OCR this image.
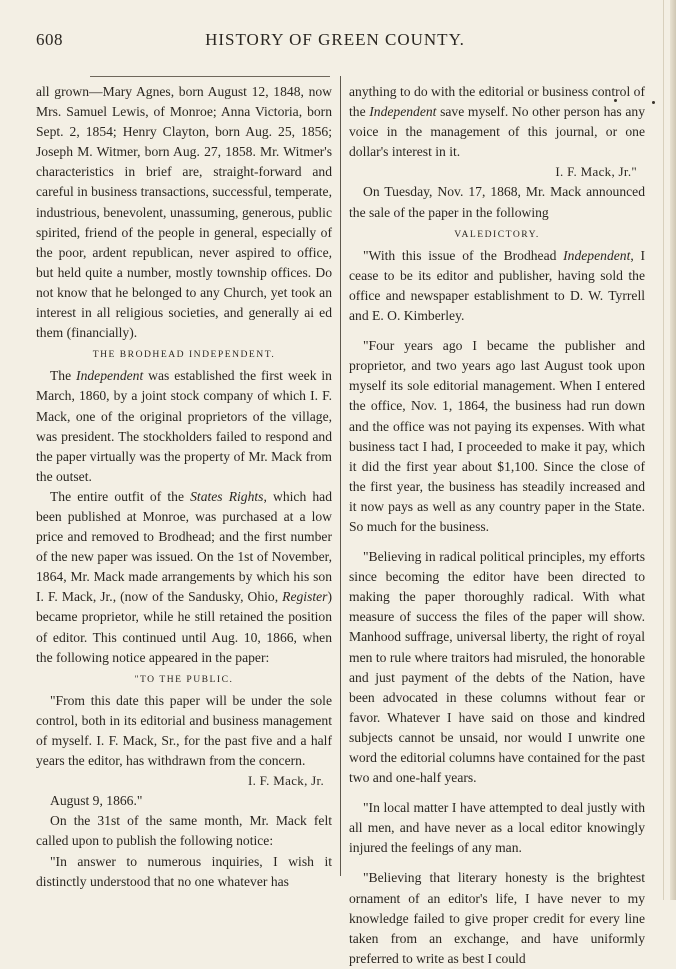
608	HISTORY OF GREEN COUNTY.

all grown—Mary Agnes, born August 12, 1848, now Mrs. Samuel Lewis, of Monroe; Anna Victoria, born Sept. 2, 1854; Henry Clayton, born Aug. 25, 1856; Joseph M. Witmer, born Aug. 27, 1858. Mr. Witmer's characteristics in brief are, straight-forward and careful in business transactions, successful, temperate, industrious, benevolent, unassuming, generous, public spirited, friend of the people in general, especially of the poor, ardent republican, never aspired to office, but held quite a number, mostly township offices. Do not know that he belonged to any Church, yet took an interest in all religious societies, and generally ai ed them (financially).

THE BRODHEAD INDEPENDENT.

The Independent was established the first week in March, 1860, by a joint stock company of which I. F. Mack, one of the original proprietors of the village, was president. The stockholders failed to respond and the paper virtually was the property of Mr. Mack from the outset.

The entire outfit of the States Rights, which had been published at Monroe, was purchased at a low price and removed to Brodhead; and the first number of the new paper was issued. On the 1st of November, 1864, Mr. Mack made arrangements by which his son I. F. Mack, Jr., (now of the Sandusky, Ohio, Register) became proprietor, while he still retained the position of editor. This continued until Aug. 10, 1866, when the following notice appeared in the paper:

"TO THE PUBLIC.

"From this date this paper will be under the sole control, both in its editorial and business management of myself. I. F. Mack, Sr., for the past five and a half years the editor, has withdrawn from the concern.

I. F. Mack, Jr.

August 9, 1866."

On the 31st of the same month, Mr. Mack felt called upon to publish the following notice:

"In answer to numerous inquiries, I wish it distinctly understood that no one whatever has

anything to do with the editorial or business control of the Independent save myself. No other person has any voice in the management of this journal, or one dollar's interest in it.

I. F. Mack, Jr."

On Tuesday, Nov. 17, 1868, Mr. Mack announced the sale of the paper in the following

VALEDICTORY.

"With this issue of the Brodhead Independent, I cease to be its editor and publisher, having sold the office and newspaper establishment to D. W. Tyrrell and E. O. Kimberley.

"Four years ago I became the publisher and proprietor, and two years ago last August took upon myself its sole editorial management. When I entered the office, Nov. 1, 1864, the business had run down and the office was not paying its expenses. With what business tact I had, I proceeded to make it pay, which it did the first year about $1,100. Since the close of the first year, the business has steadily increased and it now pays as well as any country paper in the State. So much for the business.

"Believing in radical political principles, my efforts since becoming the editor have been directed to making the paper thoroughly radical. With what measure of success the files of the paper will show. Manhood suffrage, universal liberty, the right of royal men to rule where traitors had misruled, the honorable and just payment of the debts of the Nation, have been advocated in these columns without fear or favor. Whatever I have said on those and kindred subjects cannot be unsaid, nor would I unwrite one word the editorial columns have contained for the past two and one-half years.

"In local matter I have attempted to deal justly with all men, and have never as a local editor knowingly injured the feelings of any man.

"Believing that literary honesty is the brightest ornament of an editor's life, I have never to my knowledge failed to give proper credit for every line taken from an exchange, and have uniformly preferred to write as best I could
